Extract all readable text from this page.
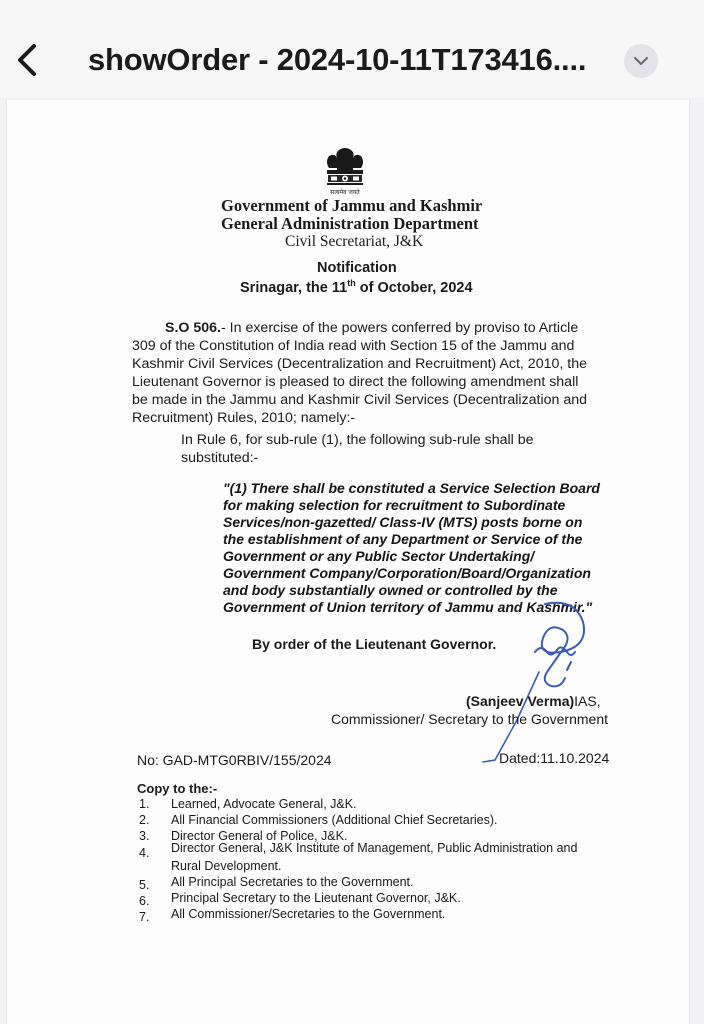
showOrder - 2024-10-11T173416....
सत्यमेव जयते
Government of Jammu and Kashmir
General Administration Department
Civil Secretariat, J&K
Notification
Srinagar, the 11th of October, 2024
S.O 506.- In exercise of the powers conferred by proviso to Article
309 of the Constitution of India read with Section 15 of the Jammu and
Kashmir Civil Services (Decentralization and Recruitment) Act, 2010, the
Lieutenant Governor is pleased to direct the following amendment shall
be made in the Jammu and Kashmir Civil Services (Decentralization and
Recruitment) Rules, 2010; namely:-
In Rule 6, for sub-rule (1), the following sub-rule shall be
substituted:-
"(1) There shall be constituted a Service Selection Board
for making selection for recruitment to Subordinate
Services/non-gazetted/ Class-IV (MTS) posts borne on
the establishment of any Department or Service of the
Government or any Public Sector Undertaking/
Government Company/Corporation/Board/Organization
and body substantially owned or controlled by the
Government of Union territory of Jammu and Kashmir."
By order of the Lieutenant Governor.
(Sanjeev Verma)IAS,
Commissioner/ Secretary to the Government
No: GAD-MTG0RBIV/155/2024	Dated:11.10.2024
Copy to the:-
1. Learned, Advocate General, J&K.
2. All Financial Commissioners (Additional Chief Secretaries).
3. Director General of Police, J&K.
4. Director General, J&K Institute of Management, Public Administration and
Rural Development.
5. All Principal Secretaries to the Government.
6. Principal Secretary to the Lieutenant Governor, J&K.
7. All Commissioner/Secretaries to the Government.
